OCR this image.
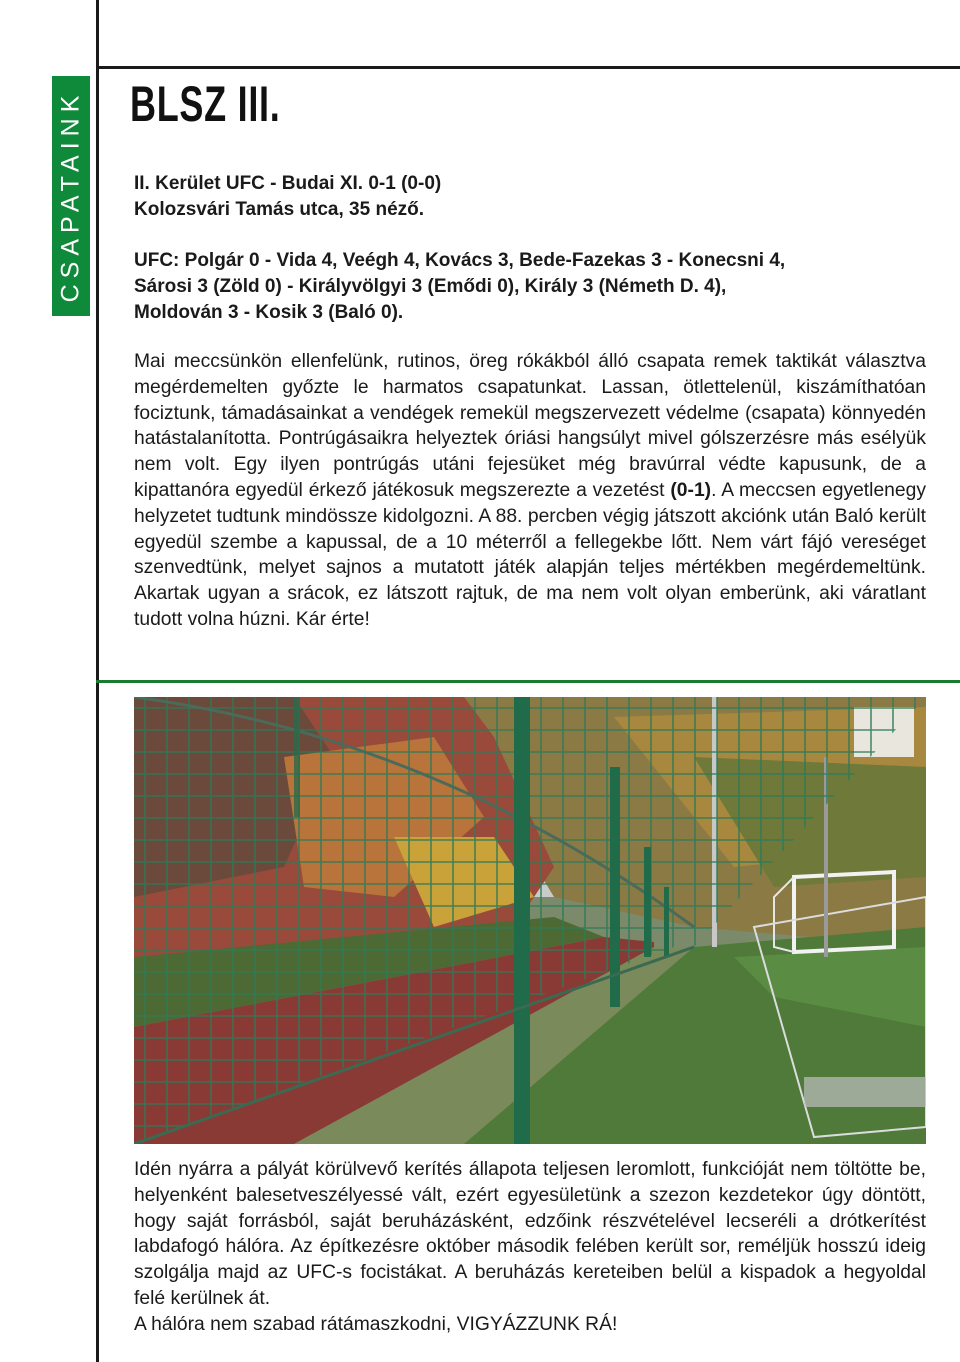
CSAPATAINK BLSZ III.
II. Kerület UFC - Budai XI. 0-1 (0-0)
Kolozsvári Tamás utca, 35 néző.
UFC: Polgár 0 - Vida 4, Veégh 4, Kovács 3, Bede-Fazekas 3 - Konecsni 4,
Sárosi 3 (Zöld 0) - Királyvölgyi 3 (Emődi 0), Király 3 (Németh D. 4),
Moldován 3 - Kosik 3 (Baló 0).

Mai meccsünkön ellenfelünk, rutinos, öreg rókákból álló csapata remek taktikát választva megérdemelten győzte le harmatos csapatunkat. Lassan, ötlettelenül, kiszámíthatóan fociztunk, támadásainkat a vendégek remekül megszervezett védelme (csapata) könnyedén hatástalanította. Pontrúgásaikra helyeztek óriási hangsúlyt mivel gólszerzésre más esélyük nem volt. Egy ilyen pontrúgás utáni fejesüket még bravúrral védte kapusunk, de a kipattanóra egyedül érkező játékosuk megszerezte a vezetést (0-1). A meccsen egyetlenegy helyzetet tudtunk mindössze kidolgozni. A 88. percben végig játszott akciónk után Baló került egyedül szembe a kapussal, de a 10 méterről a fellegekbe lőtt. Nem várt fájó vereséget szenvedtünk, melyet sajnos a mutatott játék alapján teljes mértékben megérdemeltünk. Akartak ugyan a srácok, ez látszott rajtuk, de ma nem volt olyan emberünk, aki váratlant tudott volna húzni. Kár érte!

Idén nyárra a pályát körülvevő kerítés állapota teljesen leromlott, funkcióját nem töltötte be, helyenként balesetveszélyessé vált, ezért egyesületünk a szezon kezdetekor úgy döntött, hogy saját forrásból, saját beruházásként, edzőink részvételével lecseréli a drótkerítést labdafogó hálóra. Az építkezésre október második felében került sor, reméljük hosszú ideig szolgálja majd az UFC-s focistákat. A beruházás kereteiben belül a kispadok a hegyoldal felé kerülnek át.
A hálóra nem szabad rátámaszkodni, VIGYÁZZUNK RÁ!
